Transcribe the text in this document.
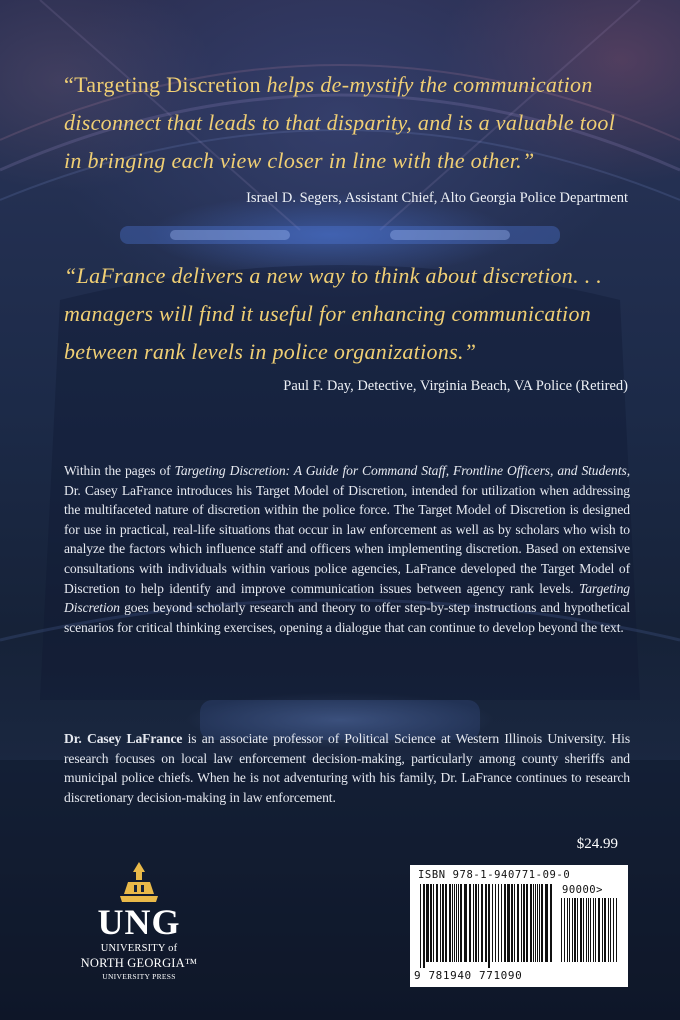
“Targeting Discretion helps de-mystify the communication disconnect that leads to that disparity, and is a valuable tool in bringing each view closer in line with the other.”

Israel D. Segers, Assistant Chief, Alto Georgia Police Department

“LaFrance delivers a new way to think about discretion. . . managers will find it useful for enhancing communication between rank levels in police organizations.”

Paul F. Day, Detective, Virginia Beach, VA Police (Retired)

Within the pages of Targeting Discretion: A Guide for Command Staff, Frontline Officers, and Students, Dr. Casey LaFrance introduces his Target Model of Discretion, intended for utilization when addressing the multifaceted nature of discretion within the police force. The Target Model of Discretion is designed for use in practical, real-life situations that occur in law enforcement as well as by scholars who wish to analyze the factors which influence staff and officers when implementing discretion. Based on extensive consultations with individuals within various police agencies, LaFrance developed the Target Model of Discretion to help identify and improve communication issues between agency rank levels. Targeting Discretion goes beyond scholarly research and theory to offer step-by-step instructions and hypothetical scenarios for critical thinking exercises, opening a dialogue that can continue to develop beyond the text.

Dr. Casey LaFrance is an associate professor of Political Science at Western Illinois University. His research focuses on local law enforcement decision-making, particularly among county sheriffs and municipal police chiefs. When he is not adventuring with his family, Dr. LaFrance continues to research discretionary decision-making in law enforcement.

$24.99

UNG
UNIVERSITY of
NORTH GEORGIA™
UNIVERSITY PRESS
ISBN 978-1-940771-09-0
90000>
9 781940 771090
